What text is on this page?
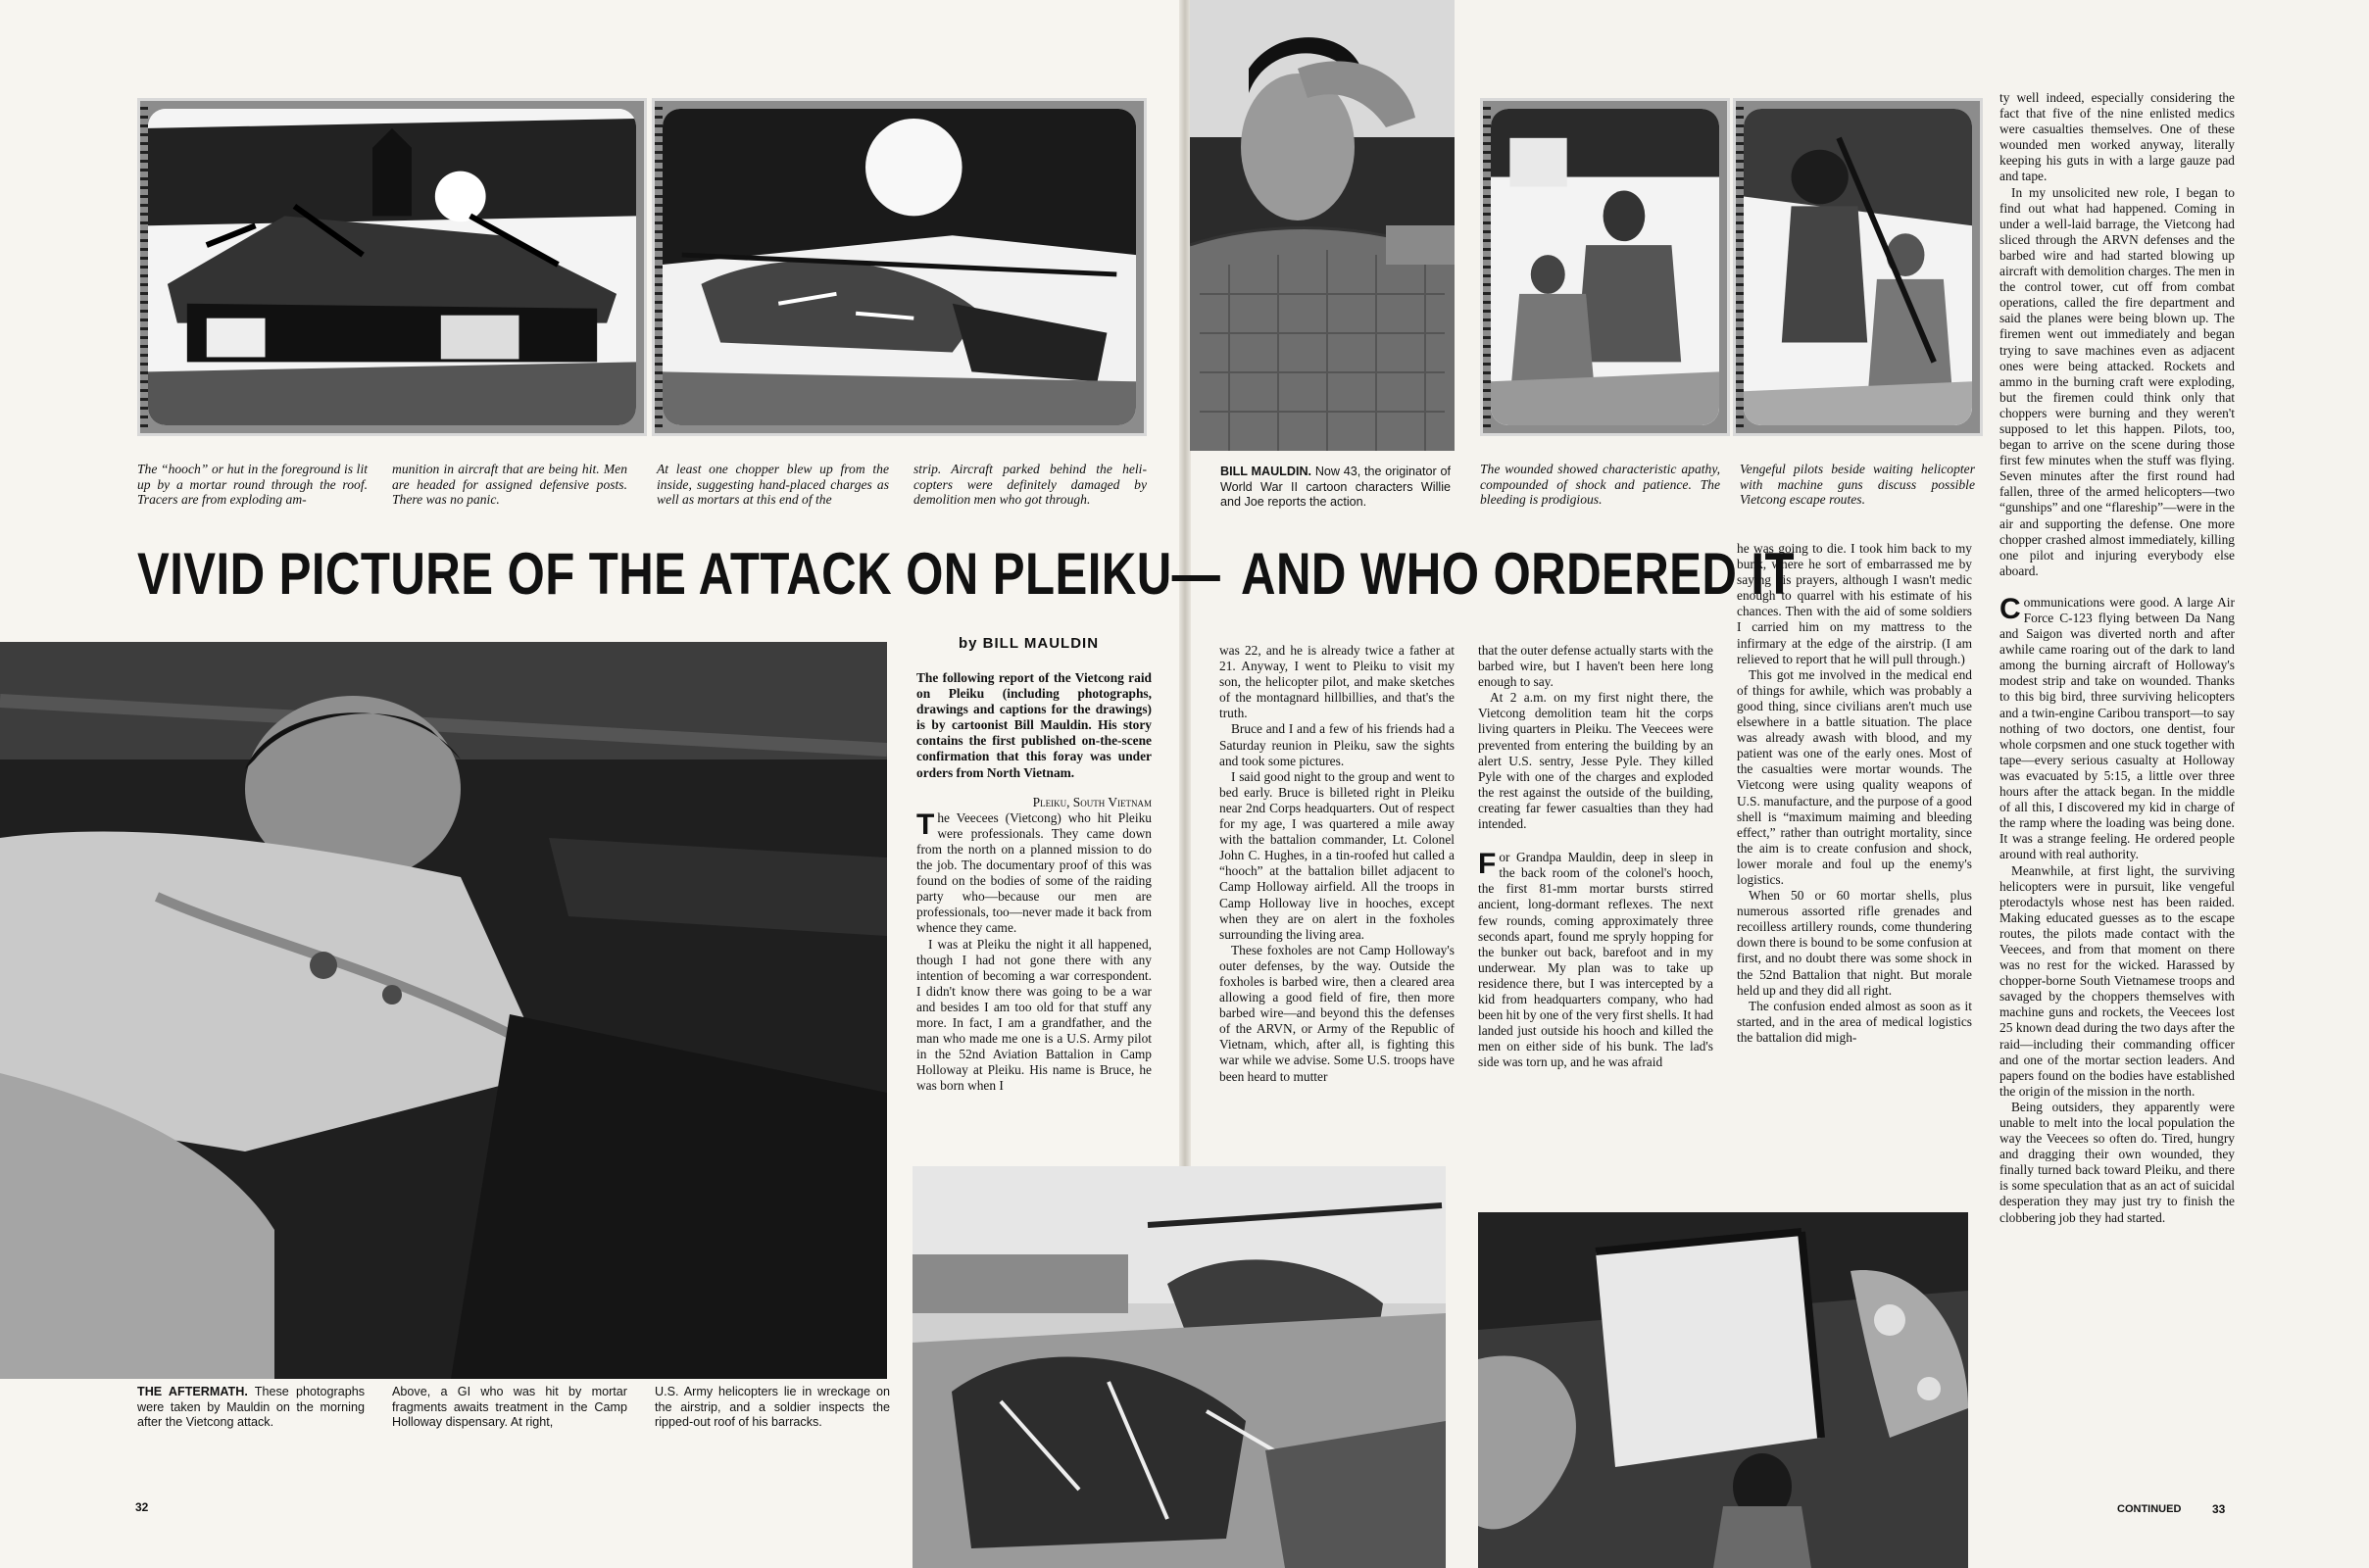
The “hooch” or hut in the foreground is lit up by a mortar round through the roof. Tracers are from exploding am-
munition in aircraft that are being hit. Men are headed for assigned defensive posts. There was no panic.
At least one chopper blew up from the inside, suggesting hand-placed charges as well as mortars at this end of the
strip. Aircraft parked behind the heli-copters were definitely damaged by demolition men who got through.
BILL MAULDIN. Now 43, the originator of World War II cartoon characters Willie and Joe reports the action.
The wounded showed characteristic apathy, compounded of shock and patience. The bleeding is prodigious.
Vengeful pilots beside waiting helicopter with machine guns discuss possible Vietcong escape routes.
VIVID PICTURE OF THE ATTACK ON PLEIKU— AND WHO ORDERED IT
by BILL MAULDIN
The following report of the Vietcong raid on Pleiku (including photographs, drawings and captions for the drawings) is by cartoonist Bill Mauldin. His story contains the first published on-the-scene confirmation that this foray was under orders from North Vietnam.
Pleiku, South Vietnam

The Veecees (Vietcong) who hit Pleiku were professionals. They came down from the north on a planned mission to do the job. The documentary proof of this was found on the bodies of some of the raiding party who—because our men are professionals, too—never made it back from whence they came.

I was at Pleiku the night it all happened, though I had not gone there with any intention of becoming a war correspondent. I didn't know there was going to be a war and besides I am too old for that stuff any more. In fact, I am a grandfather, and the man who made me one is a U.S. Army pilot in the 52nd Aviation Battalion in Camp Holloway at Pleiku. His name is Bruce, he was born when I

was 22, and he is already twice a father at 21. Anyway, I went to Pleiku to visit my son, the helicopter pilot, and make sketches of the montagnard hillbillies, and that's the truth.

Bruce and I and a few of his friends had a Saturday reunion in Pleiku, saw the sights and took some pictures.

I said good night to the group and went to bed early. Bruce is billeted right in Pleiku near 2nd Corps headquarters. Out of respect for my age, I was quartered a mile away with the battalion commander, Lt. Colonel John C. Hughes, in a tin-roofed hut called a “hooch” at the battalion billet adjacent to Camp Holloway airfield. All the troops in Camp Holloway live in hooches, except when they are on alert in the foxholes surrounding the living area.

These foxholes are not Camp Holloway's outer defenses, by the way. Outside the foxholes is barbed wire, then a cleared area allowing a good field of fire, then more barbed wire—and beyond this the defenses of the ARVN, or Army of the Republic of Vietnam, which, after all, is fighting this war while we advise. Some U.S. troops have been heard to mutter

that the outer defense actually starts with the barbed wire, but I haven't been here long enough to say.

At 2 a.m. on my first night there, the Vietcong demolition team hit the corps living quarters in Pleiku. The Veecees were prevented from entering the building by an alert U.S. sentry, Jesse Pyle. They killed Pyle with one of the charges and exploded the rest against the outside of the building, creating far fewer casualties than they had intended.

For Grandpa Mauldin, deep in sleep in the back room of the colonel's hooch, the first 81-mm mortar bursts stirred ancient, long-dormant reflexes. The next few rounds, coming approximately three seconds apart, found me spryly hopping for the bunker out back, barefoot and in my underwear. My plan was to take up residence there, but I was intercepted by a kid from headquarters company, who had been hit by one of the very first shells. It had landed just outside his hooch and killed the men on either side of his bunk. The lad's side was torn up, and he was afraid

he was going to die. I took him back to my bunk, where he sort of embarrassed me by saying his prayers, although I wasn't medic enough to quarrel with his estimate of his chances. Then with the aid of some soldiers I carried him on my mattress to the infirmary at the edge of the airstrip. (I am relieved to report that he will pull through.)

This got me involved in the medical end of things for awhile, which was probably a good thing, since civilians aren't much use elsewhere in a battle situation. The place was already awash with blood, and my patient was one of the early ones. Most of the casualties were mortar wounds. The Vietcong were using quality weapons of U.S. manufacture, and the purpose of a good shell is “maximum maiming and bleeding effect,” rather than outright mortality, since the aim is to create confusion and shock, lower morale and foul up the enemy's logistics.

When 50 or 60 mortar shells, plus numerous assorted rifle grenades and recoilless artillery rounds, come thundering down there is bound to be some confusion at first, and no doubt there was some shock in the 52nd Battalion that night. But morale held up and they did all right.

The confusion ended almost as soon as it started, and in the area of medical logistics the battalion did migh-

ty well indeed, especially considering the fact that five of the nine enlisted medics were casualties themselves. One of these wounded men worked anyway, literally keeping his guts in with a large gauze pad and tape.

In my unsolicited new role, I began to find out what had happened. Coming in under a well-laid barrage, the Vietcong had sliced through the ARVN defenses and the barbed wire and had started blowing up aircraft with demolition charges. The men in the control tower, cut off from combat operations, called the fire department and said the planes were being blown up. The firemen went out immediately and began trying to save machines even as adjacent ones were being attacked. Rockets and ammo in the burning craft were exploding, but the firemen could think only that choppers were burning and they weren't supposed to let this happen. Pilots, too, began to arrive on the scene during those first few minutes when the stuff was flying. Seven minutes after the first round had fallen, three of the armed helicopters—two “gunships” and one “flareship”—were in the air and supporting the defense. One more chopper crashed almost immediately, killing one pilot and injuring everybody else aboard.

Communications were good. A large Air Force C-123 flying between Da Nang and Saigon was diverted north and after awhile came roaring out of the dark to land among the burning aircraft of Holloway's modest strip and take on wounded. Thanks to this big bird, three surviving helicopters and a twin-engine Caribou transport—to say nothing of two doctors, one dentist, four whole corpsmen and one stuck together with tape—every serious casualty at Holloway was evacuated by 5:15, a little over three hours after the attack began. In the middle of all this, I discovered my kid in charge of the ramp where the loading was being done. It was a strange feeling. He ordered people around with real authority.

Meanwhile, at first light, the surviving helicopters were in pursuit, like vengeful pterodactyls whose nest has been raided. Making educated guesses as to the escape routes, the pilots made contact with the Veecees, and from that moment on there was no rest for the wicked. Harassed by chopper-borne South Vietnamese troops and savaged by the choppers themselves with machine guns and rockets, the Veecees lost 25 known dead during the two days after the raid—including their commanding officer and one of the mortar section leaders. And papers found on the bodies have established the origin of the mission in the north.

Being outsiders, they apparently were unable to melt into the local population the way the Veecees so often do. Tired, hungry and dragging their own wounded, they finally turned back toward Pleiku, and there is some speculation that as an act of suicidal desperation they may just try to finish the clobbering job they had started.

THE AFTERMATH. These photographs were taken by Mauldin on the morning after the Vietcong attack.
Above, a GI who was hit by mortar fragments awaits treatment in the Camp Holloway dispensary. At right,
U.S. Army helicopters lie in wreckage on the airstrip, and a soldier inspects the ripped-out roof of his barracks.
32	CONTINUED	33
